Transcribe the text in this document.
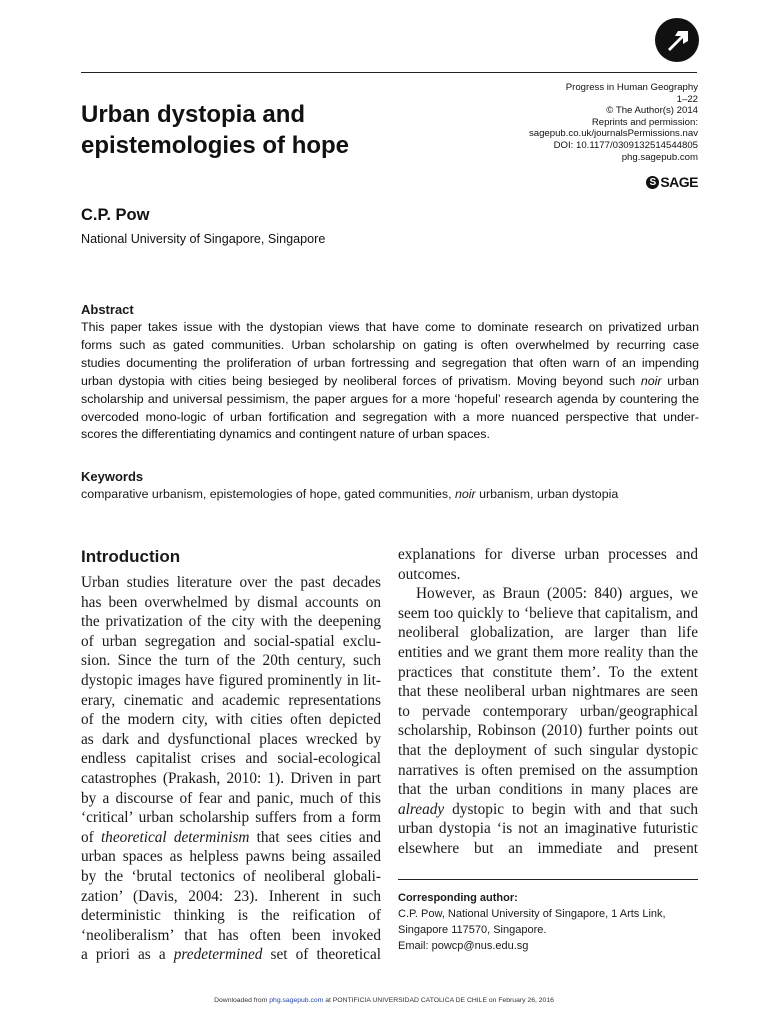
Urban dystopia and epistemologies of hope
Progress in Human Geography
1–22
© The Author(s) 2014
Reprints and permission:
sagepub.co.uk/journalsPermissions.nav
DOI: 10.1177/0309132514544805
phg.sagepub.com
S SAGE
C.P. Pow
National University of Singapore, Singapore
Abstract
This paper takes issue with the dystopian views that have come to dominate research on privatized urban
forms such as gated communities. Urban scholarship on gating is often overwhelmed by recurring case
studies documenting the proliferation of urban fortressing and segregation that often warn of an impending
urban dystopia with cities being besieged by neoliberal forces of privatism. Moving beyond such noir urban
scholarship and universal pessimism, the paper argues for a more ‘hopeful’ research agenda by countering the
overcoded mono-logic of urban fortification and segregation with a more nuanced perspective that under-
scores the differentiating dynamics and contingent nature of urban spaces.
Keywords
comparative urbanism, epistemologies of hope, gated communities, noir urbanism, urban dystopia
Introduction
Urban studies literature over the past decades
has been overwhelmed by dismal accounts on
the privatization of the city with the deepening
of urban segregation and social-spatial exclu-
sion. Since the turn of the 20th century, such
dystopic images have figured prominently in lit-
erary, cinematic and academic representations
of the modern city, with cities often depicted
as dark and dysfunctional places wrecked by
endless capitalist crises and social-ecological
catastrophes (Prakash, 2010: 1). Driven in part
by a discourse of fear and panic, much of this
‘critical’ urban scholarship suffers from a form
of theoretical determinism that sees cities and
urban spaces as helpless pawns being assailed
by the ‘brutal tectonics of neoliberal globali-
zation’ (Davis, 2004: 23). Inherent in such
deterministic thinking is the reification of
‘neoliberalism’ that has often been invoked
a priori as a predetermined set of theoretical
explanations for diverse urban processes and
outcomes.
However, as Braun (2005: 840) argues, we
seem too quickly to ‘believe that capitalism, and
neoliberal globalization, are larger than life
entities and we grant them more reality than the
practices that constitute them’. To the extent
that these neoliberal urban nightmares are seen
to pervade contemporary urban/geographical
scholarship, Robinson (2010) further points out
that the deployment of such singular dystopic
narratives is often premised on the assumption
that the urban conditions in many places are
already dystopic to begin with and that such
urban dystopia ‘is not an imaginative futuristic
elsewhere but an immediate and present
Corresponding author:
C.P. Pow, National University of Singapore, 1 Arts Link,
Singapore 117570, Singapore.
Email: powcp@nus.edu.sg
Downloaded from phg.sagepub.com at PONTIFICIA UNIVERSIDAD CATOLICA DE CHILE on February 26, 2016
